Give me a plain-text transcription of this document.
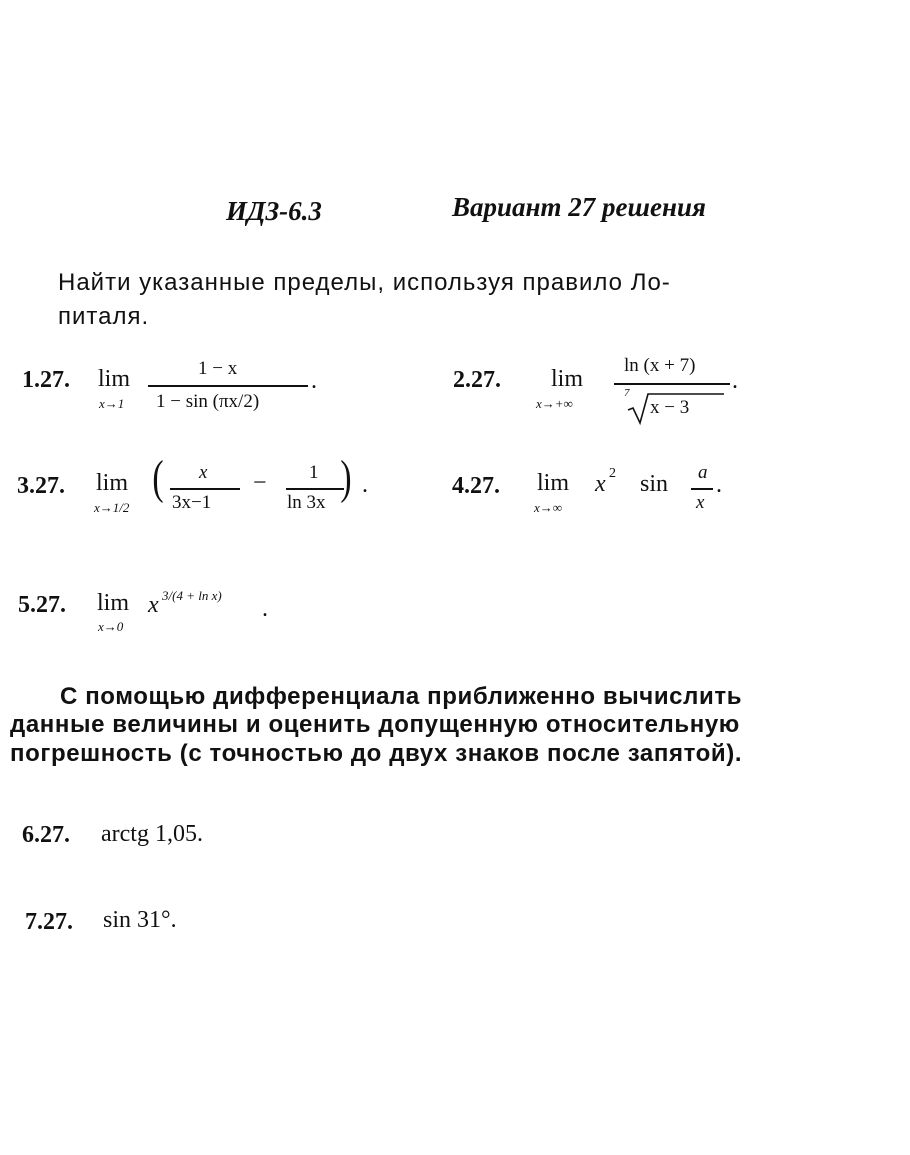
ИДЗ-6.3	Вариант 27 решения
Найти указанные пределы, используя правило Ло-
питаля.
1.27. lim
x→1
1 − x
1 − sin (πx/2)
.	2.27. lim
x→+∞
ln (x + 7)
7
x − 3
.
3.27. lim
x→1/2
( x
3x−1
− 1
ln 3x ) .	4.27. lim
x→∞
x 2 sin a
x
.
5.27. lim
x→0
x 3/(4 + ln x)
.
С помощью дифференциала приближенно вычислить
данные величины и оценить допущенную относительную
погрешность (с точностью до двух знаков после запятой).
6.27. arctg 1,05.
7.27. sin 31°.
